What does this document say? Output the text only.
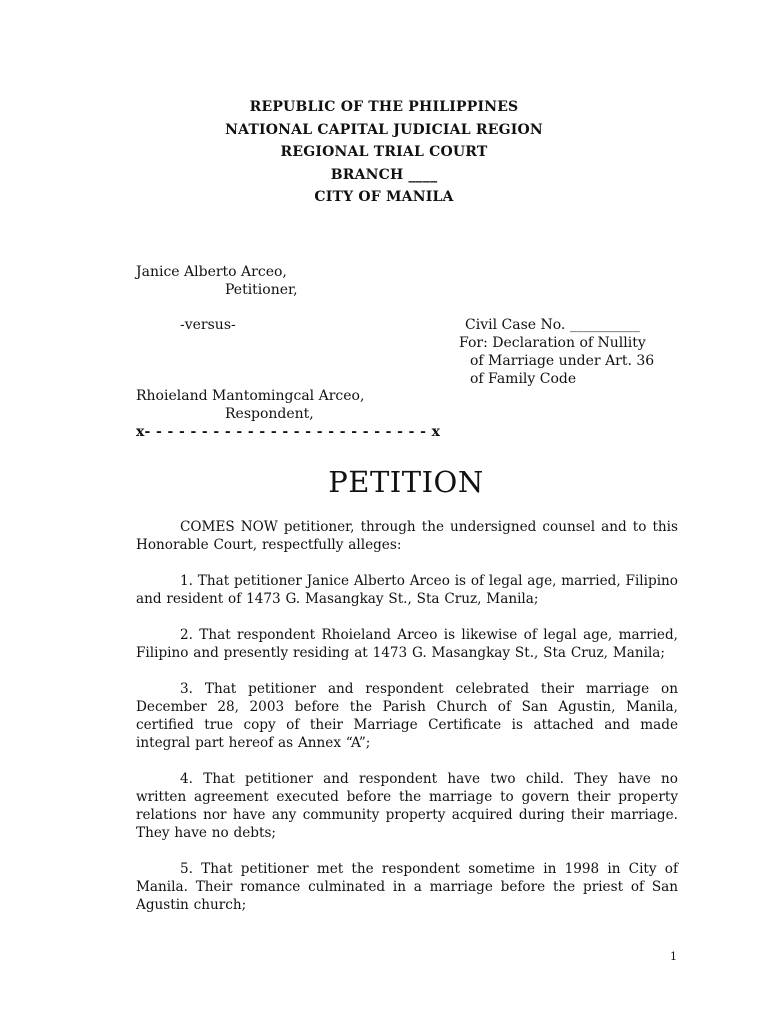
REPUBLIC OF THE PHILIPPINES
NATIONAL CAPITAL JUDICIAL REGION
REGIONAL TRIAL COURT
BRANCH ____
CITY OF MANILA
Janice Alberto Arceo,
Petitioner,
-versus-	Civil Case No. __________
For: Declaration of Nullity
of Marriage under Art. 36
of Family Code
Rhoieland Mantomingcal Arceo,
Respondent,
x- - - - - - - - - - - - - - - - - - - - - - - - - x
PETITION

COMES NOW petitioner, through the undersigned counsel and to this Honorable Court, respectfully alleges:

1. That petitioner Janice Alberto Arceo is of legal age, married, Filipino and resident of 1473 G. Masangkay St., Sta Cruz, Manila;

2. That respondent Rhoieland Arceo is likewise of legal age, married, Filipino and presently residing at 1473 G. Masangkay St., Sta Cruz, Manila;

3. That petitioner and respondent celebrated their marriage on December 28, 2003 before the Parish Church of San Agustin, Manila, certified true copy of their Marriage Certificate is attached and made integral part hereof as Annex “A”;

4. That petitioner and respondent have two child. They have no written agreement executed before the marriage to govern their property relations nor have any community property acquired during their marriage. They have no debts;

5. That petitioner met the respondent sometime in 1998 in City of Manila. Their romance culminated in a marriage before the priest of San Agustin church;

1
